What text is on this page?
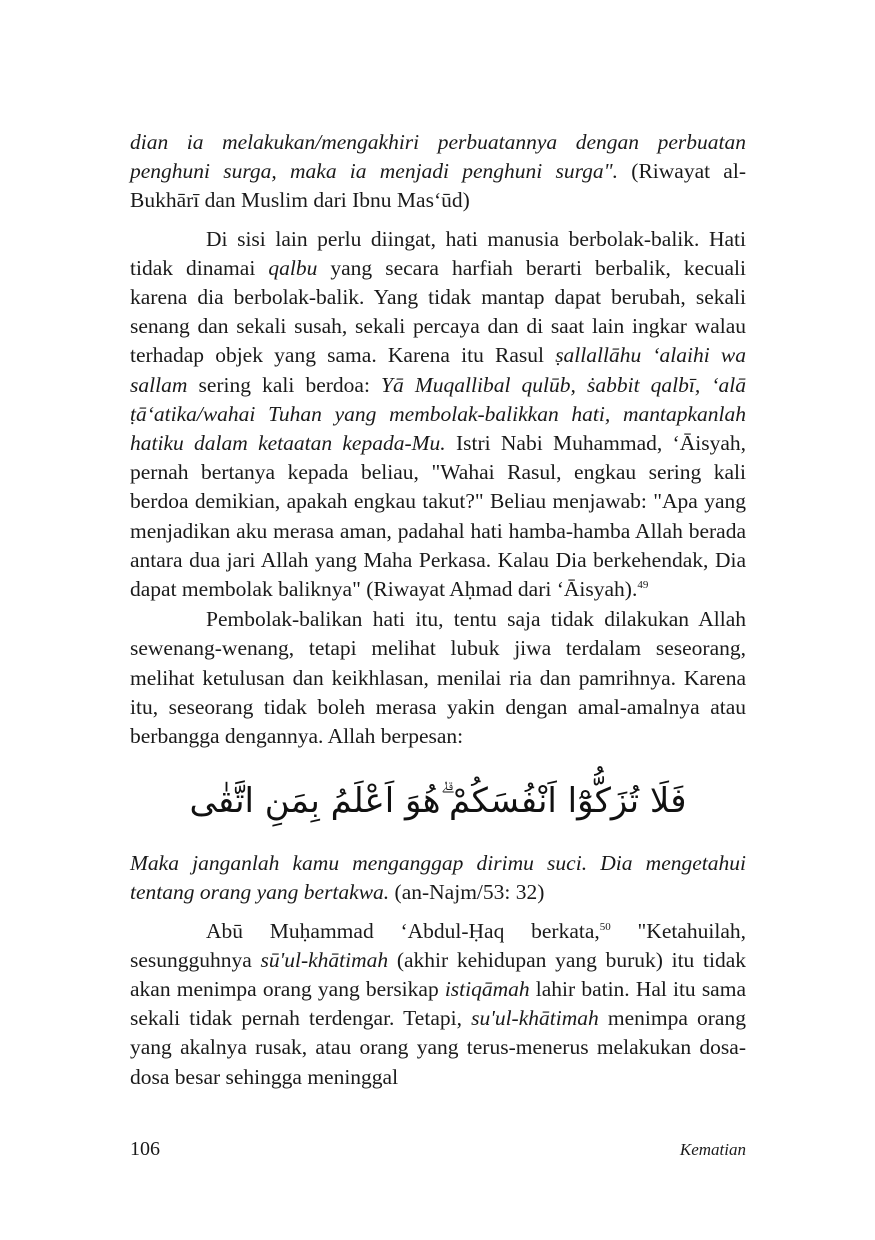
dian ia melakukan/mengakhiri perbuatannya dengan perbuatan penghuni surga, maka ia menjadi penghuni surga". (Riwayat al-Bukhārī dan Muslim dari Ibnu Mas‘ūd)

Di sisi lain perlu diingat, hati manusia berbolak-balik. Hati tidak dinamai qalbu yang secara harfiah berarti berbalik, kecuali karena dia berbolak-balik. Yang tidak mantap dapat berubah, sekali senang dan sekali susah, sekali percaya dan di saat lain ingkar walau terhadap objek yang sama. Karena itu Rasul ṣallallāhu ‘alaihi wa sallam sering kali berdoa: Yā Muqallibal qulūb, ṡabbit qalbī, ‘alā ṭā‘atika/wahai Tuhan yang membolak-balikkan hati, mantapkanlah hatiku dalam ketaatan kepada-Mu. Istri Nabi Muhammad, ‘Āisyah, pernah bertanya kepada beliau, "Wahai Rasul, engkau sering kali berdoa demikian, apakah engkau takut?" Beliau menjawab: "Apa yang menjadikan aku merasa aman, padahal hati hamba-hamba Allah berada antara dua jari Allah yang Maha Perkasa. Kalau Dia berkehendak, Dia dapat membolak baliknya" (Riwayat Aḥmad dari ‘Āisyah).$^{49}$

Pembolak-balikan hati itu, tentu saja tidak dilakukan Allah sewenang-wenang, tetapi melihat lubuk jiwa terdalam seseorang, melihat ketulusan dan keikhlasan, menilai ria dan pamrihnya. Karena itu, seseorang tidak boleh merasa yakin dengan amal-amalnya atau berbangga dengannya. Allah berpesan:

فَلَا تُزَكُّوْٓا اَنْفُسَكُمْ ۗهُوَ اَعْلَمُ بِمَنِ اتَّقٰى

Maka janganlah kamu menganggap dirimu suci. Dia mengetahui tentang orang yang bertakwa. (an-Najm/53: 32)

Abū Muḥammad ‘Abdul-Ḥaq berkata,$^{50}$ "Ketahuilah, sesungguhnya sū'ul-khātimah (akhir kehidupan yang buruk) itu tidak akan menimpa orang yang bersikap istiqāmah lahir batin. Hal itu sama sekali tidak pernah terdengar. Tetapi, su'ul-khātimah menimpa orang yang akalnya rusak, atau orang yang terus-menerus melakukan dosa-dosa besar sehingga meninggal

106	Kematian
